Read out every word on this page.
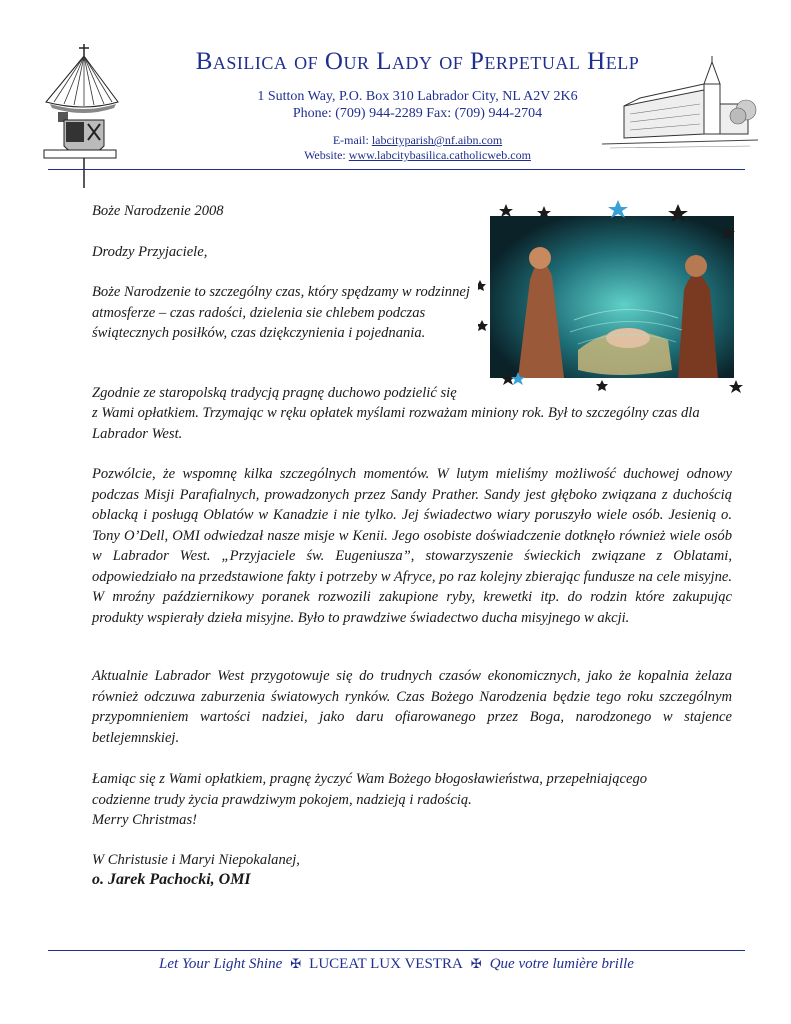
Basilica of Our Lady of Perpetual Help
1 Sutton Way, P.O. Box 310 Labrador City, NL A2V 2K6
Phone: (709) 944-2289 Fax: (709) 944-2704
E-mail: labcityparish@nf.aibn.com
Website: www.labcitybasilica.catholicweb.com
Boże Narodzenie 2008
Drodzy Przyjaciele,
Boże Narodzenie to szczególny czas, który spędzamy w rodzinnej atmosferze – czas radości, dzielenia sie chlebem podczas świątecznych posiłków, czas dziękczynienia i pojednania.
Zgodnie ze staropolską tradycją pragnę duchowo podzielić się
z Wami opłatkiem. Trzymając w ręku opłatek myślami rozważam miniony rok. Był to szczególny czas dla Labrador West.
Pozwólcie, że wspomnę kilka szczególnych momentów. W lutym mieliśmy możliwość duchowej odnowy podczas Misji Parafialnych, prowadzonych przez Sandy Prather. Sandy jest głęboko związana z duchością oblacką i posługą Oblatów w Kanadzie i nie tylko. Jej świadectwo wiary poruszyło wiele osób. Jesienią o. Tony O’Dell, OMI odwiedzał nasze misje w Kenii. Jego osobiste doświadczenie dotknęło również wiele osób w Labrador West. „Przyjaciele św. Eugeniusza”, stowarzyszenie świeckich związane z Oblatami, odpowiedziało na przedstawione fakty i potrzeby w Afryce, po raz kolejny zbierając fundusze na cele misyjne. W mroźny październikowy poranek rozwozili zakupione ryby, krewetki itp. do rodzin które zakupując produkty wspierały dzieła misyjne. Było to prawdziwe świadectwo ducha misyjnego w akcji.
Aktualnie Labrador West przygotowuje się do trudnych czasów ekonomicznych, jako że kopalnia żelaza również odczuwa zaburzenia światowych rynków. Czas Bożego Narodzenia będzie tego roku szczególnym przypomnieniem wartości nadziei, jako daru ofiarowanego przez Boga, narodzonego w stajence betlejemnskiej.
Łamiąc się z Wami opłatkiem, pragnę życzyć Wam Bożego błogosławieństwa, przepełniającego
codzienne trudy życia prawdziwym pokojem, nadzieją i radością.
Merry Christmas!
W Christusie i Maryi Niepokalanej,
o. Jarek Pachocki, OMI
Let Your Light Shine ✠ LUCEAT LUX VESTRA ✠ Que votre lumière brille
